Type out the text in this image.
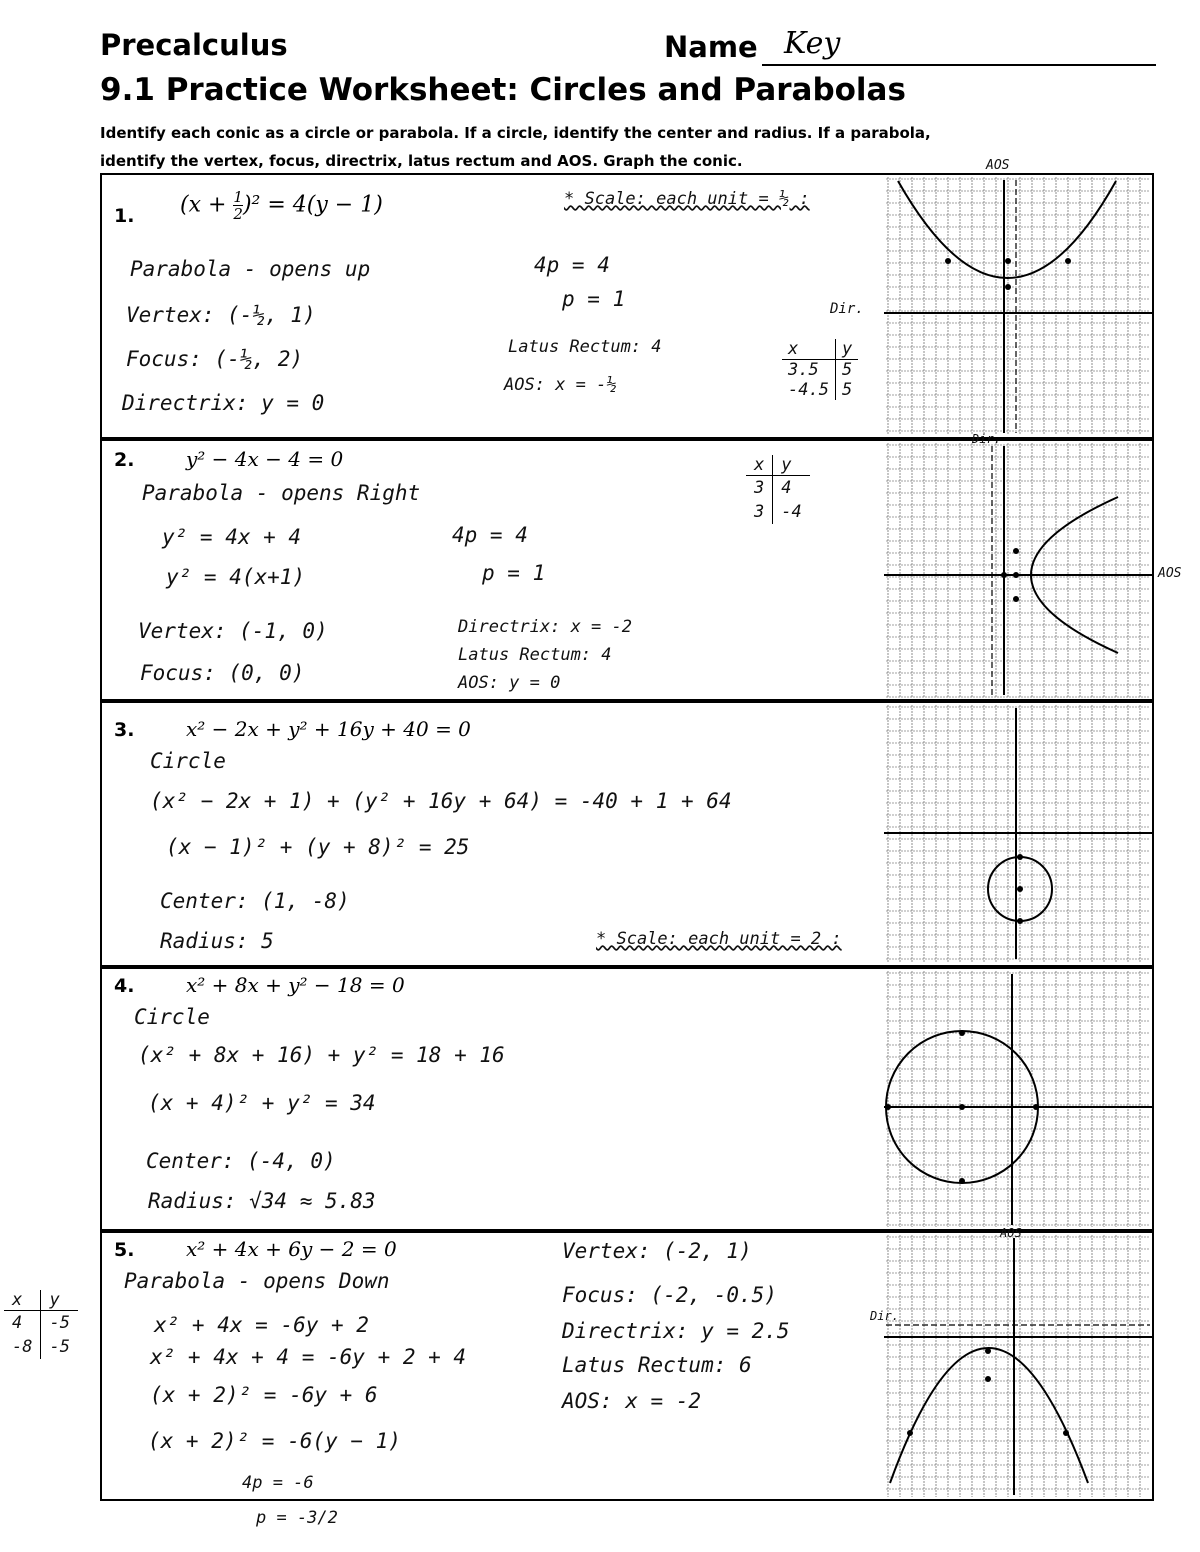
Precalculus	Name Key
9.1 Practice Worksheet: Circles and Parabolas
Identify each conic as a circle or parabola. If a circle, identify the center and radius. If a parabola,
identify the vertex, focus, directrix, latus rectum and AOS. Graph the conic.
1. $(x + \frac{1}{2} )^2 = 4(y - 1)$	* Scale: each unit = ½ :
Parabola - opens up
Vertex: (-½, 1)
Focus: (-½, 2)
Directrix: y = 0
4p = 4
p = 1
Latus Rectum: 4
AOS: x = -½
x	y
3.5	5
-4.5	5
Dir.
AOS
2.	y² − 4x − 4 = 0
Parabola - opens Right
y² = 4x + 4
y² = 4(x+1)
Vertex: (-1, 0)
Focus: (0, 0)
4p = 4
p = 1
Directrix: x = -2
Latus Rectum: 4
AOS: y = 0
x	y
3	4
3	-4
AOS
Dir.
3.	x² − 2x + y² + 16y + 40 = 0
Circle
(x² − 2x + 1) + (y² + 16y + 64) = -40 + 1 + 64
(x − 1)² + (y + 8)² = 25
Center: (1, -8)
Radius: 5	* Scale: each unit = 2 :
4.	x² + 8x + y² − 18 = 0
Circle
(x² + 8x + 16) + y² = 18 + 16
(x + 4)² + y² = 34
Center: (-4, 0)
Radius: √34 ≈ 5.83
5.	x² + 4x + 6y − 2 = 0
Parabola - opens Down
x² + 4x = -6y + 2
x² + 4x + 4 = -6y + 2 + 4
(x + 2)² = -6y + 6
(x + 2)² = -6(y − 1)
4p = -6
Vertex: (-2, 1)
Focus: (-2, -0.5)
Directrix: y = 2.5
Latus Rectum: 6
AOS: x = -2
Dir.
p = -3/2
AOS
x	y
4	-5
-8	-5
